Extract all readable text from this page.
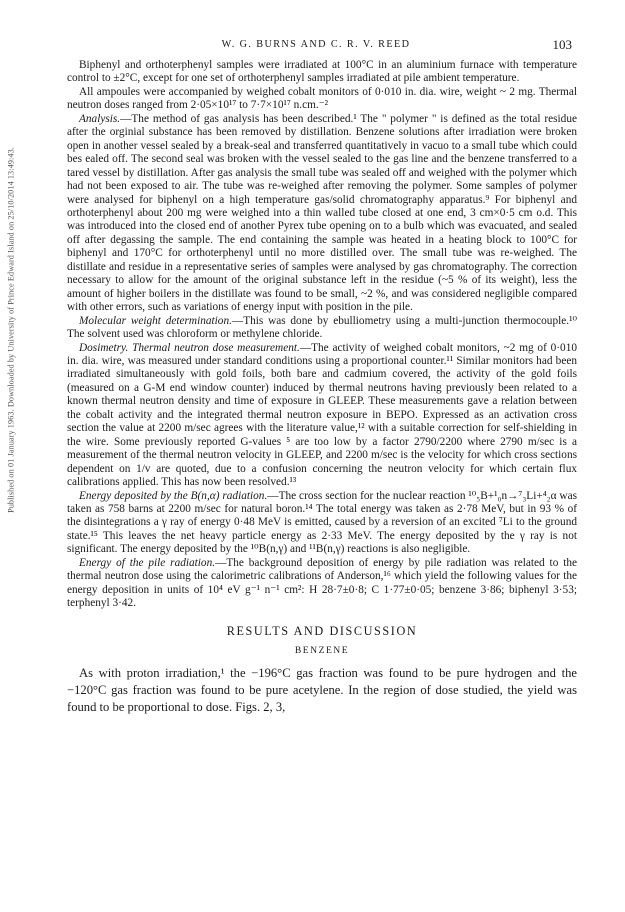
Published on 01 January 1963. Downloaded by University of Prince Edward Island on 25/10/2014 13:49:43.
W. G. BURNS AND C. R. V. REED	103

Biphenyl and orthoterphenyl samples were irradiated at 100°C in an aluminium furnace with temperature control to ±2°C, except for one set of orthoterphenyl samples irradiated at pile ambient temperature.

All ampoules were accompanied by weighed cobalt monitors of 0·010 in. dia. wire, weight ~ 2 mg. Thermal neutron doses ranged from 2·05×10¹⁷ to 7·7×10¹⁷ n.cm.⁻²

Analysis.—The method of gas analysis has been described.¹ The " polymer " is defined as the total residue after the orginial substance has been removed by distillation. Benzene solutions after irradiation were broken open in another vessel sealed by a break-seal and transferred quantitatively in vacuo to a small tube which could bes ealed off. The second seal was broken with the vessel sealed to the gas line and the benzene transferred to a tared vessel by distillation. After gas analysis the small tube was sealed off and weighed with the polymer which had not been exposed to air. The tube was re-weighed after removing the polymer. Some samples of polymer were analysed for biphenyl on a high temperature gas/solid chromatography apparatus.⁹ For biphenyl and orthoterphenyl about 200 mg were weighed into a thin walled tube closed at one end, 3 cm×0·5 cm o.d. This was introduced into the closed end of another Pyrex tube opening on to a bulb which was evacuated, and sealed off after degassing the sample. The end containing the sample was heated in a heating block to 100°C for biphenyl and 170°C for orthoterphenyl until no more distilled over. The small tube was re-weighed. The distillate and residue in a representative series of samples were analysed by gas chromatography. The correction necessary to allow for the amount of the original substance left in the residue (~5 % of its weight), less the amount of higher boilers in the distillate was found to be small, ~2 %, and was considered negligible compared with other errors, such as variations of energy input with position in the pile.

Molecular weight determination.—This was done by ebulliometry using a multi-junction thermocouple.¹⁰ The solvent used was chloroform or methylene chloride.

Dosimetry. Thermal neutron dose measurement.—The activity of weighed cobalt monitors, ~2 mg of 0·010 in. dia. wire, was measured under standard conditions using a proportional counter.¹¹ Similar monitors had been irradiated simultaneously with gold foils, both bare and cadmium covered, the activity of the gold foils (measured on a G-M end window counter) induced by thermal neutrons having previously been related to a known thermal neutron density and time of exposure in GLEEP. These measurements gave a relation between the cobalt activity and the integrated thermal neutron exposure in BEPO. Expressed as an activation cross section the value at 2200 m/sec agrees with the literature value,¹² with a suitable correction for self-shielding in the wire. Some previously reported G-values ⁵ are too low by a factor 2790/2200 where 2790 m/sec is a measurement of the thermal neutron velocity in GLEEP, and 2200 m/sec is the velocity for which cross sections dependent on 1/v are quoted, due to a confusion concerning the neutron velocity for which certain flux calibrations applied. This has now been resolved.¹³

Energy deposited by the B(n,α) radiation.—The cross section for the nuclear reaction ¹⁰₅B+¹₀n→⁷₃Li+⁴₂α was taken as 758 barns at 2200 m/sec for natural boron.¹⁴ The total energy was taken as 2·78 MeV, but in 93 % of the disintegrations a γ ray of energy 0·48 MeV is emitted, caused by a reversion of an excited ⁷Li to the ground state.¹⁵ This leaves the net heavy particle energy as 2·33 MeV. The energy deposited by the γ ray is not significant. The energy deposited by the ¹⁰B(n,γ) and ¹¹B(n,γ) reactions is also negligible.

Energy of the pile radiation.—The background deposition of energy by pile radiation was related to the thermal neutron dose using the calorimetric calibrations of Anderson,¹⁶ which yield the following values for the energy deposition in units of 10⁴ eV g⁻¹ n⁻¹ cm²: H 28·7±0·8; C 1·77±0·05; benzene 3·86; biphenyl 3·53; terphenyl 3·42.

RESULTS AND DISCUSSION
BENZENE

As with proton irradiation,¹ the −196°C gas fraction was found to be pure hydrogen and the −120°C gas fraction was found to be pure acetylene. In the region of dose studied, the yield was found to be proportional to dose. Figs. 2, 3,
